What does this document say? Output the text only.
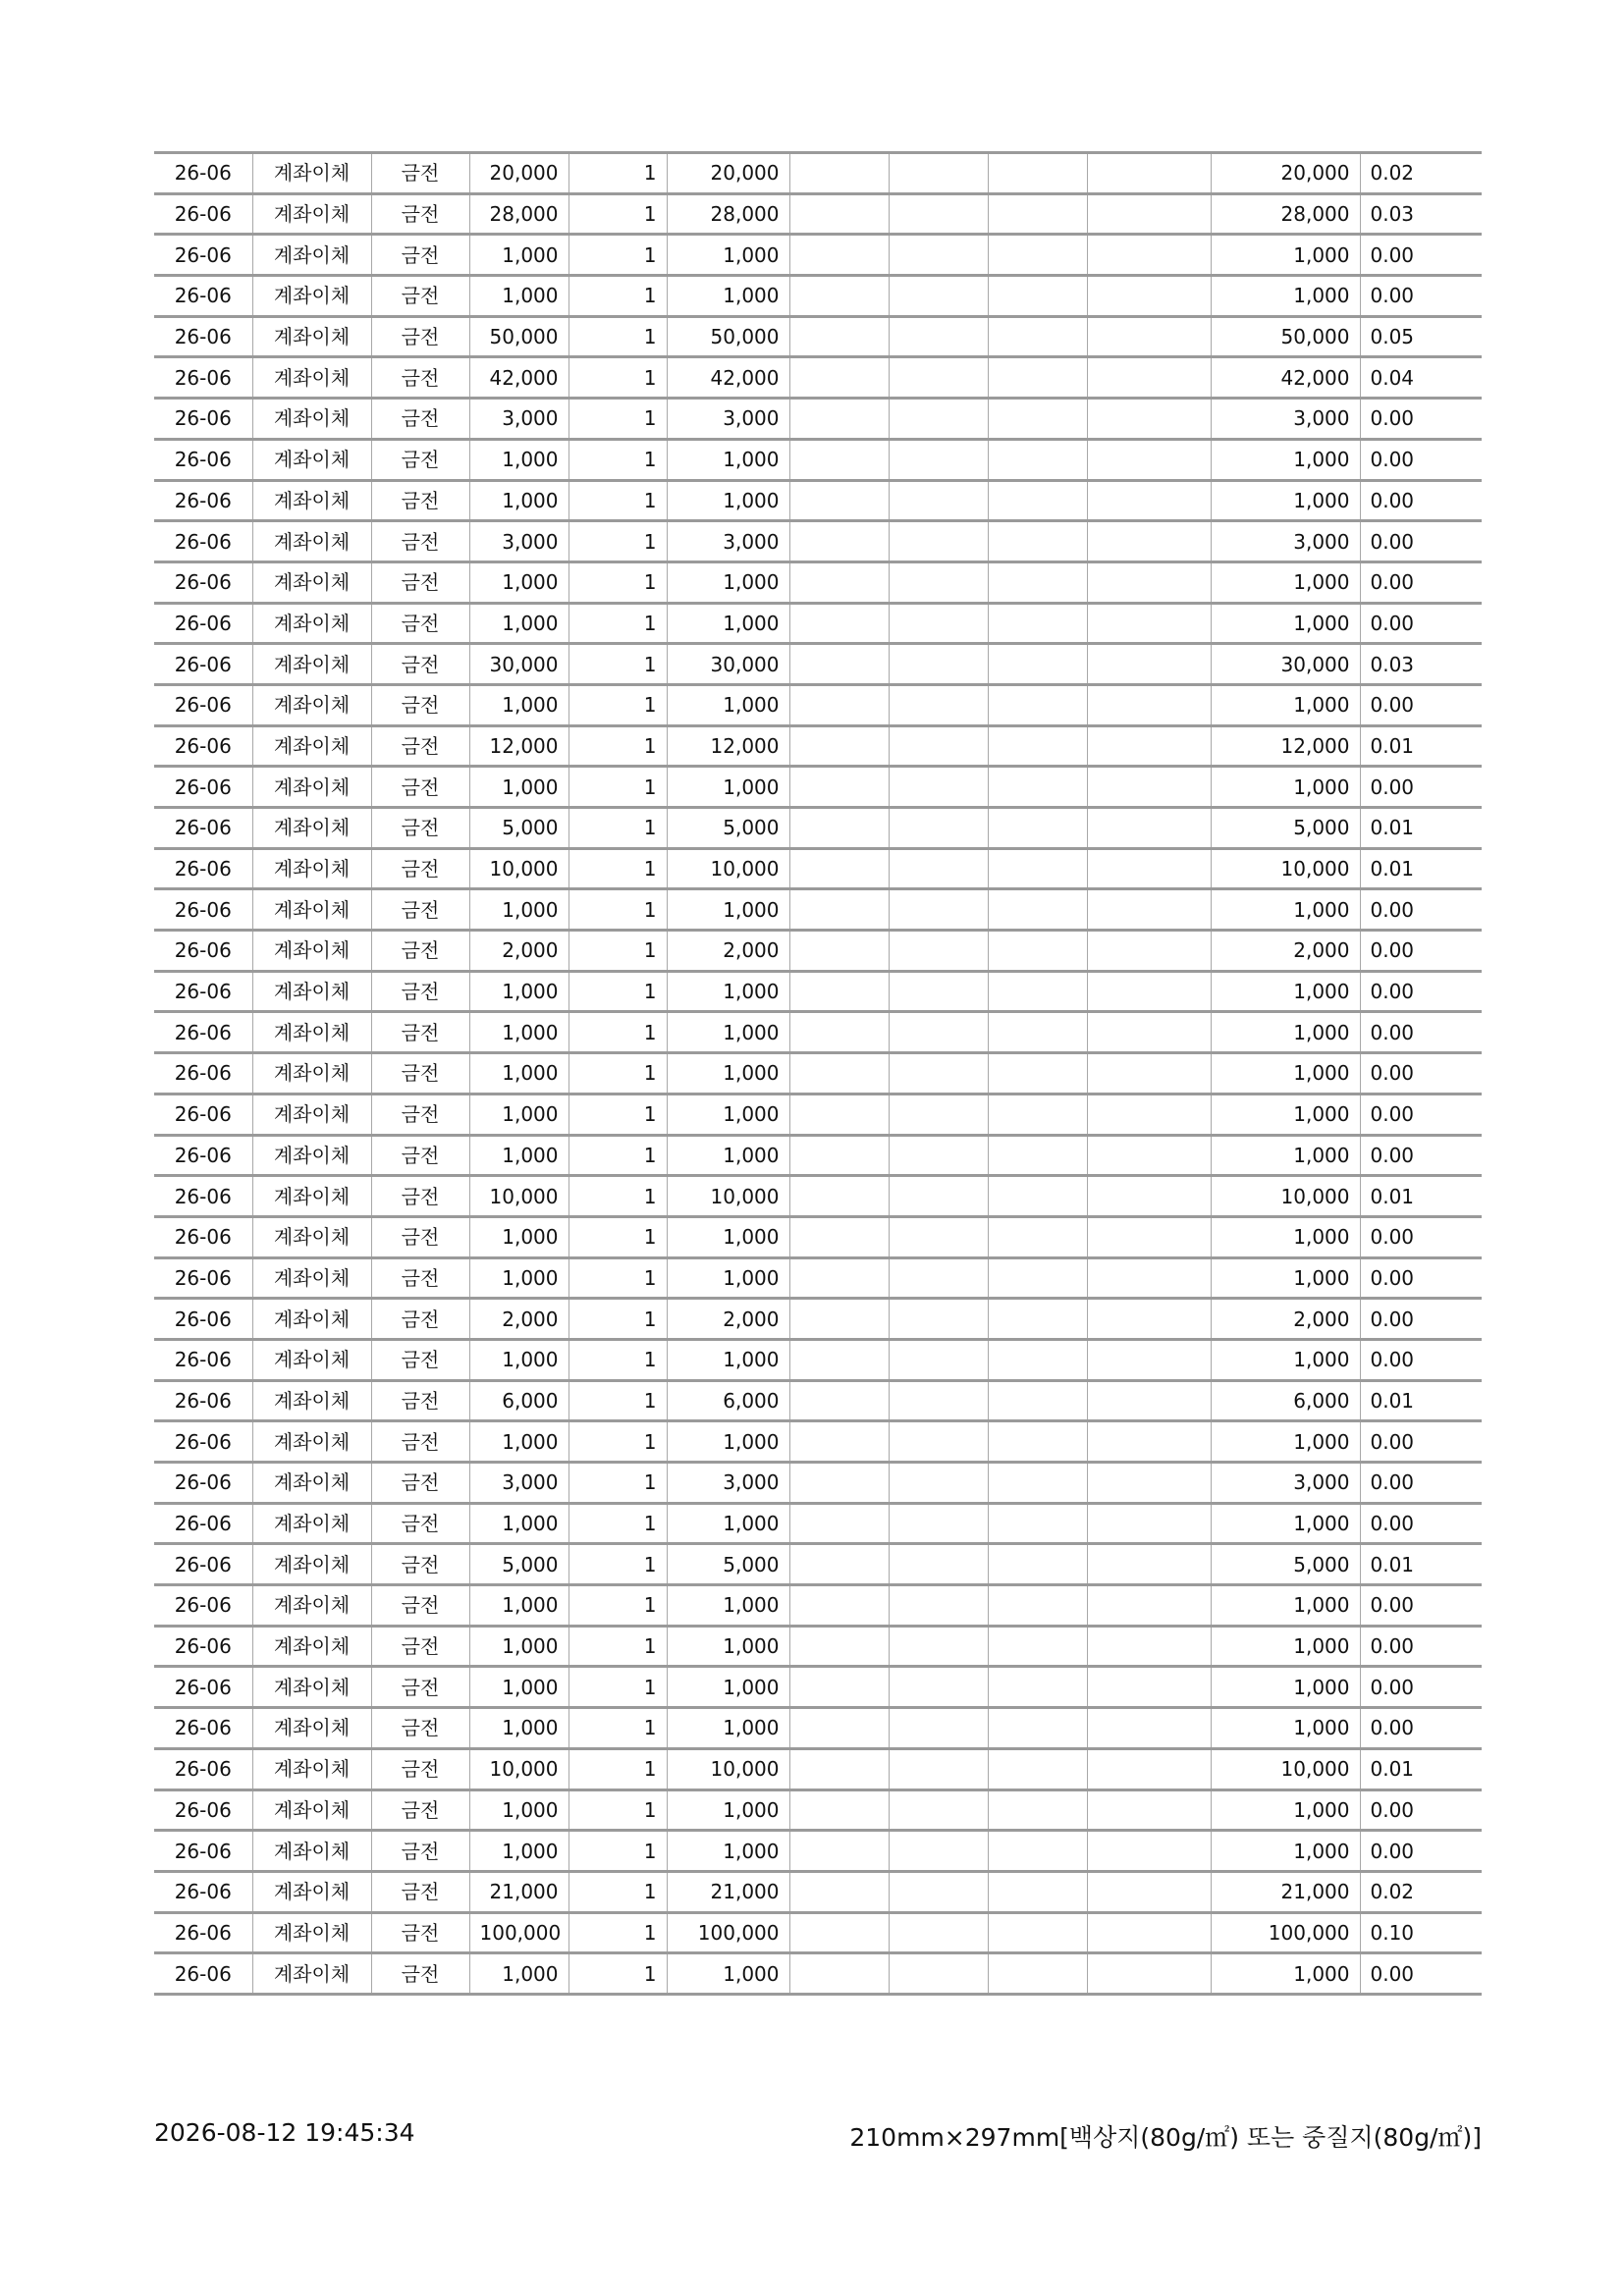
26-06	계좌이체	금전	20,000	1	20,000					20,000	0.02
26-06	계좌이체	금전	28,000	1	28,000					28,000	0.03
26-06	계좌이체	금전	1,000	1	1,000					1,000	0.00
26-06	계좌이체	금전	1,000	1	1,000					1,000	0.00
26-06	계좌이체	금전	50,000	1	50,000					50,000	0.05
26-06	계좌이체	금전	42,000	1	42,000					42,000	0.04
26-06	계좌이체	금전	3,000	1	3,000					3,000	0.00
26-06	계좌이체	금전	1,000	1	1,000					1,000	0.00
26-06	계좌이체	금전	1,000	1	1,000					1,000	0.00
26-06	계좌이체	금전	3,000	1	3,000					3,000	0.00
26-06	계좌이체	금전	1,000	1	1,000					1,000	0.00
26-06	계좌이체	금전	1,000	1	1,000					1,000	0.00
26-06	계좌이체	금전	30,000	1	30,000					30,000	0.03
26-06	계좌이체	금전	1,000	1	1,000					1,000	0.00
26-06	계좌이체	금전	12,000	1	12,000					12,000	0.01
26-06	계좌이체	금전	1,000	1	1,000					1,000	0.00
26-06	계좌이체	금전	5,000	1	5,000					5,000	0.01
26-06	계좌이체	금전	10,000	1	10,000					10,000	0.01
26-06	계좌이체	금전	1,000	1	1,000					1,000	0.00
26-06	계좌이체	금전	2,000	1	2,000					2,000	0.00
26-06	계좌이체	금전	1,000	1	1,000					1,000	0.00
26-06	계좌이체	금전	1,000	1	1,000					1,000	0.00
26-06	계좌이체	금전	1,000	1	1,000					1,000	0.00
26-06	계좌이체	금전	1,000	1	1,000					1,000	0.00
26-06	계좌이체	금전	1,000	1	1,000					1,000	0.00
26-06	계좌이체	금전	10,000	1	10,000					10,000	0.01
26-06	계좌이체	금전	1,000	1	1,000					1,000	0.00
26-06	계좌이체	금전	1,000	1	1,000					1,000	0.00
26-06	계좌이체	금전	2,000	1	2,000					2,000	0.00
26-06	계좌이체	금전	1,000	1	1,000					1,000	0.00
26-06	계좌이체	금전	6,000	1	6,000					6,000	0.01
26-06	계좌이체	금전	1,000	1	1,000					1,000	0.00
26-06	계좌이체	금전	3,000	1	3,000					3,000	0.00
26-06	계좌이체	금전	1,000	1	1,000					1,000	0.00
26-06	계좌이체	금전	5,000	1	5,000					5,000	0.01
26-06	계좌이체	금전	1,000	1	1,000					1,000	0.00
26-06	계좌이체	금전	1,000	1	1,000					1,000	0.00
26-06	계좌이체	금전	1,000	1	1,000					1,000	0.00
26-06	계좌이체	금전	1,000	1	1,000					1,000	0.00
26-06	계좌이체	금전	10,000	1	10,000					10,000	0.01
26-06	계좌이체	금전	1,000	1	1,000					1,000	0.00
26-06	계좌이체	금전	1,000	1	1,000					1,000	0.00
26-06	계좌이체	금전	21,000	1	21,000					21,000	0.02
26-06	계좌이체	금전	100,000	1	100,000					100,000	0.10
26-06	계좌이체	금전	1,000	1	1,000					1,000	0.00
2026-08-12 19:45:34	210mm×297mm[백상지(80g/㎡) 또는 중질지(80g/㎡)]
